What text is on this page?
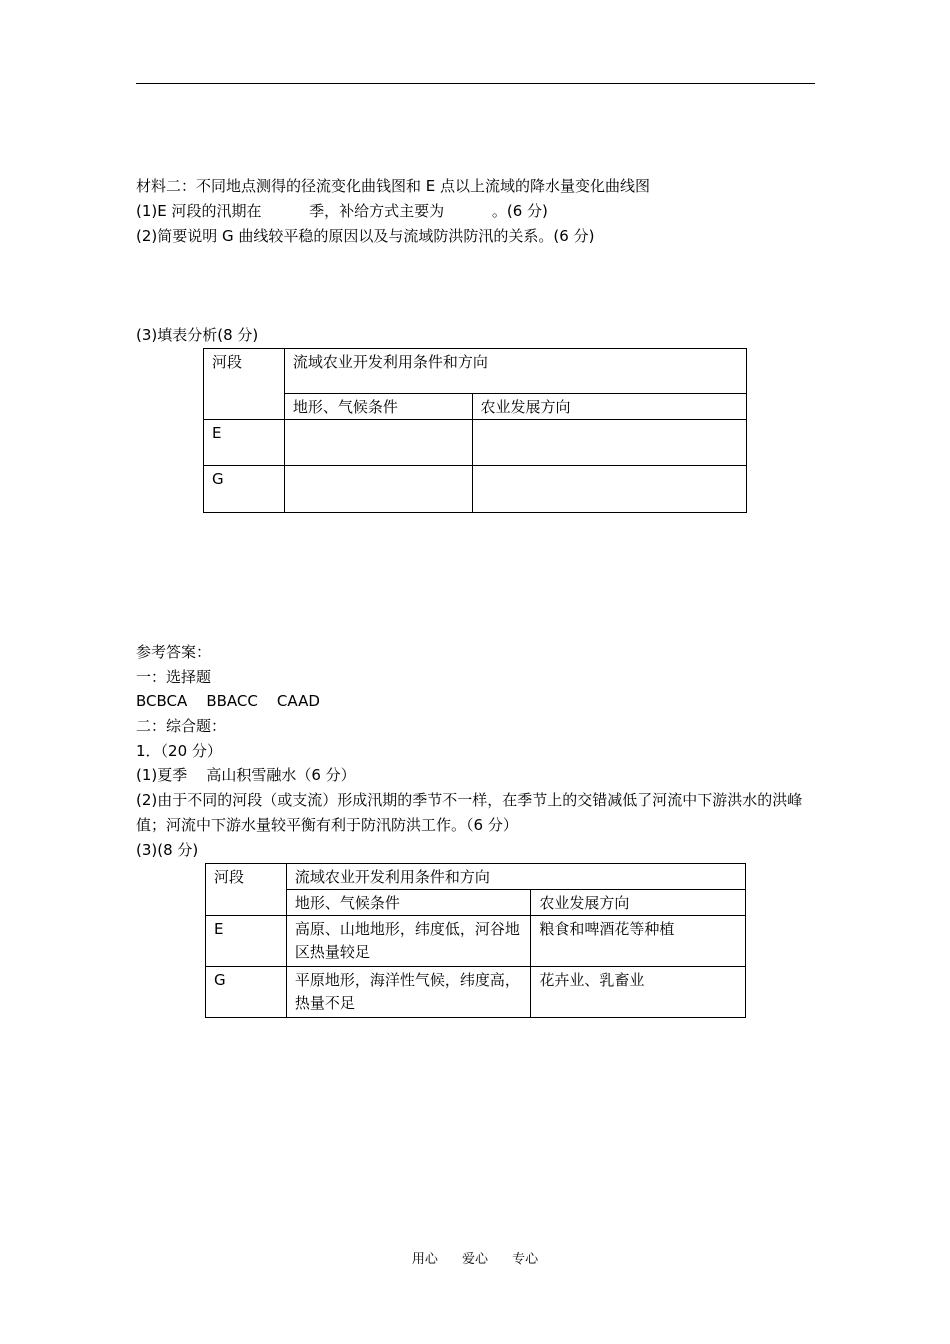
材料二：不同地点测得的径流变化曲钱图和 E 点以上流域的降水量变化曲线图
(1)E 河段的汛期在          季，补给方式主要为          。(6 分)
(2)简要说明 G 曲线较平稳的原因以及与流域防洪防汛的关系。(6 分)
(3)填表分析(8 分)
河段	流域农业开发利用条件和方向	
	地形、气候条件	农业发展方向
E		
G		
参考答案：
一：选择题
BCBCA    BBACC    CAAD
二：综合题：
1．（20 分）
(1)夏季    高山积雪融水（6 分）
(2)由于不同的河段（或支流）形成汛期的季节不一样，在季节上的交错减低了河流中下游洪水的洪峰值；河流中下游水量较平衡有利于防汛防洪工作。（6 分）
(3)(8 分)
河段	流域农业开发利用条件和方向	
	地形、气候条件	农业发展方向
E	高原、山地地形，纬度低，河谷地区热量较足	粮食和啤酒花等种植
G	平原地形，海洋性气候，纬度高，热量不足	花卉业、乳畜业
用心 爱心 专心
